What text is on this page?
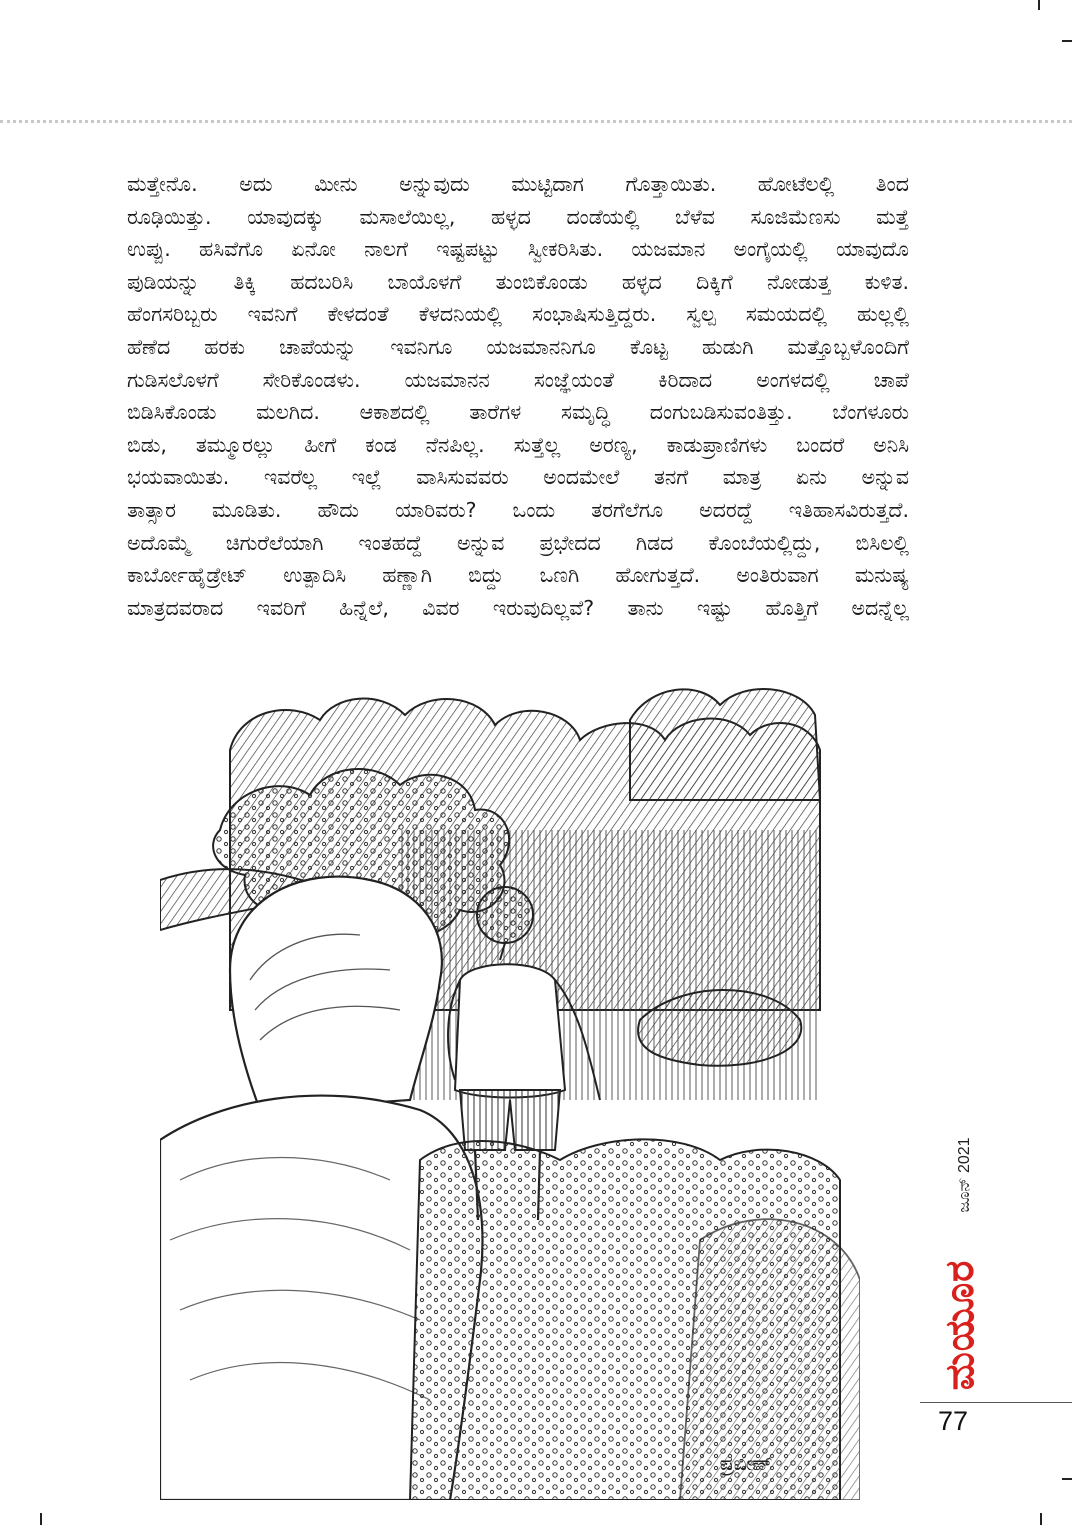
ಮತ್ತೇನೊ. ಅದು ಮೀನು ಅನ್ನುವುದು ಮುಟ್ಟಿದಾಗ ಗೊತ್ತಾಯಿತು. ಹೋಟೆಲಲ್ಲಿ ತಿಂದ
ರೂಢಿಯಿತ್ತು. ಯಾವುದಕ್ಕು ಮಸಾಲೆಯಿಲ್ಲ, ಹಳ್ಳದ ದಂಡೆಯಲ್ಲಿ ಬೆಳೆವ ಸೂಜಿಮೆಣಸು ಮತ್ತೆ
ಉಪ್ಪು. ಹಸಿವೆಗೊ ಏನೋ ನಾಲಗೆ ಇಷ್ಟಪಟ್ಟು ಸ್ವೀಕರಿಸಿತು. ಯಜಮಾನ ಅಂಗೈಯಲ್ಲಿ ಯಾವುದೊ
ಪುಡಿಯನ್ನು ತಿಕ್ಕಿ ಹದಬರಿಸಿ ಬಾಯೊಳಗೆ ತುಂಬಿಕೊಂಡು ಹಳ್ಳದ ದಿಕ್ಕಿಗೆ ನೋಡುತ್ತ ಕುಳಿತ.
ಹೆಂಗಸರಿಬ್ಬರು ಇವನಿಗೆ ಕೇಳದಂತೆ ಕೆಳದನಿಯಲ್ಲಿ ಸಂಭಾಷಿಸುತ್ತಿದ್ದರು. ಸ್ವಲ್ಪ ಸಮಯದಲ್ಲಿ ಹುಲ್ಲಲ್ಲಿ
ಹೆಣೆದ ಹರಕು ಚಾಪೆಯನ್ನು ಇವನಿಗೂ ಯಜಮಾನನಿಗೂ ಕೊಟ್ಟ ಹುಡುಗಿ ಮತ್ತೊಬ್ಬಳೊಂದಿಗೆ
ಗುಡಿಸಲೊಳಗೆ ಸೇರಿಕೊಂಡಳು. ಯಜಮಾನನ ಸಂಜ್ಞೆಯಂತೆ ಕಿರಿದಾದ ಅಂಗಳದಲ್ಲಿ ಚಾಪೆ
ಬಿಡಿಸಿಕೊಂಡು ಮಲಗಿದ. ಆಕಾಶದಲ್ಲಿ ತಾರೆಗಳ ಸಮೃದ್ಧಿ ದಂಗುಬಡಿಸುವಂತಿತ್ತು. ಬೆಂಗಳೂರು
ಬಿಡು, ತಮ್ಮೂರಲ್ಲು ಹೀಗೆ ಕಂಡ ನೆನಪಿಲ್ಲ. ಸುತ್ತೆಲ್ಲ ಅರಣ್ಯ, ಕಾಡುಪ್ರಾಣಿಗಳು ಬಂದರೆ ಅನಿಸಿ
ಭಯವಾಯಿತು. ಇವರೆಲ್ಲ ಇಲ್ಲೆ ವಾಸಿಸುವವರು ಅಂದಮೇಲೆ ತನಗೆ ಮಾತ್ರ ಏನು ಅನ್ನುವ
ತಾತ್ಸಾರ ಮೂಡಿತು. ಹೌದು ಯಾರಿವರು? ಒಂದು ತರಗೆಲೆಗೂ ಅದರದ್ದೆ ಇತಿಹಾಸವಿರುತ್ತದೆ.
ಅದೊಮ್ಮೆ ಚಿಗುರೆಲೆಯಾಗಿ ಇಂತಹದ್ದೆ ಅನ್ನುವ ಪ್ರಭೇದದ ಗಿಡದ ಕೊಂಬೆಯಲ್ಲಿದ್ದು, ಬಿಸಿಲಲ್ಲಿ
ಕಾರ್ಬೋಹೈಡ್ರೇಟ್ ಉತ್ಪಾದಿಸಿ ಹಣ್ಣಾಗಿ ಬಿದ್ದು ಒಣಗಿ ಹೋಗುತ್ತದೆ. ಅಂತಿರುವಾಗ ಮನುಷ್ಯ
ಮಾತ್ರದವರಾದ ಇವರಿಗೆ ಹಿನ್ನೆಲೆ, ವಿವರ ಇರುವುದಿಲ್ಲವೆ? ತಾನು ಇಷ್ಟು ಹೊತ್ತಿಗೆ ಅದನ್ನೆಲ್ಲ
ಪ್ರವೀಣ್
ಜೂನ್ 2021
ಮಯೂರ
77
